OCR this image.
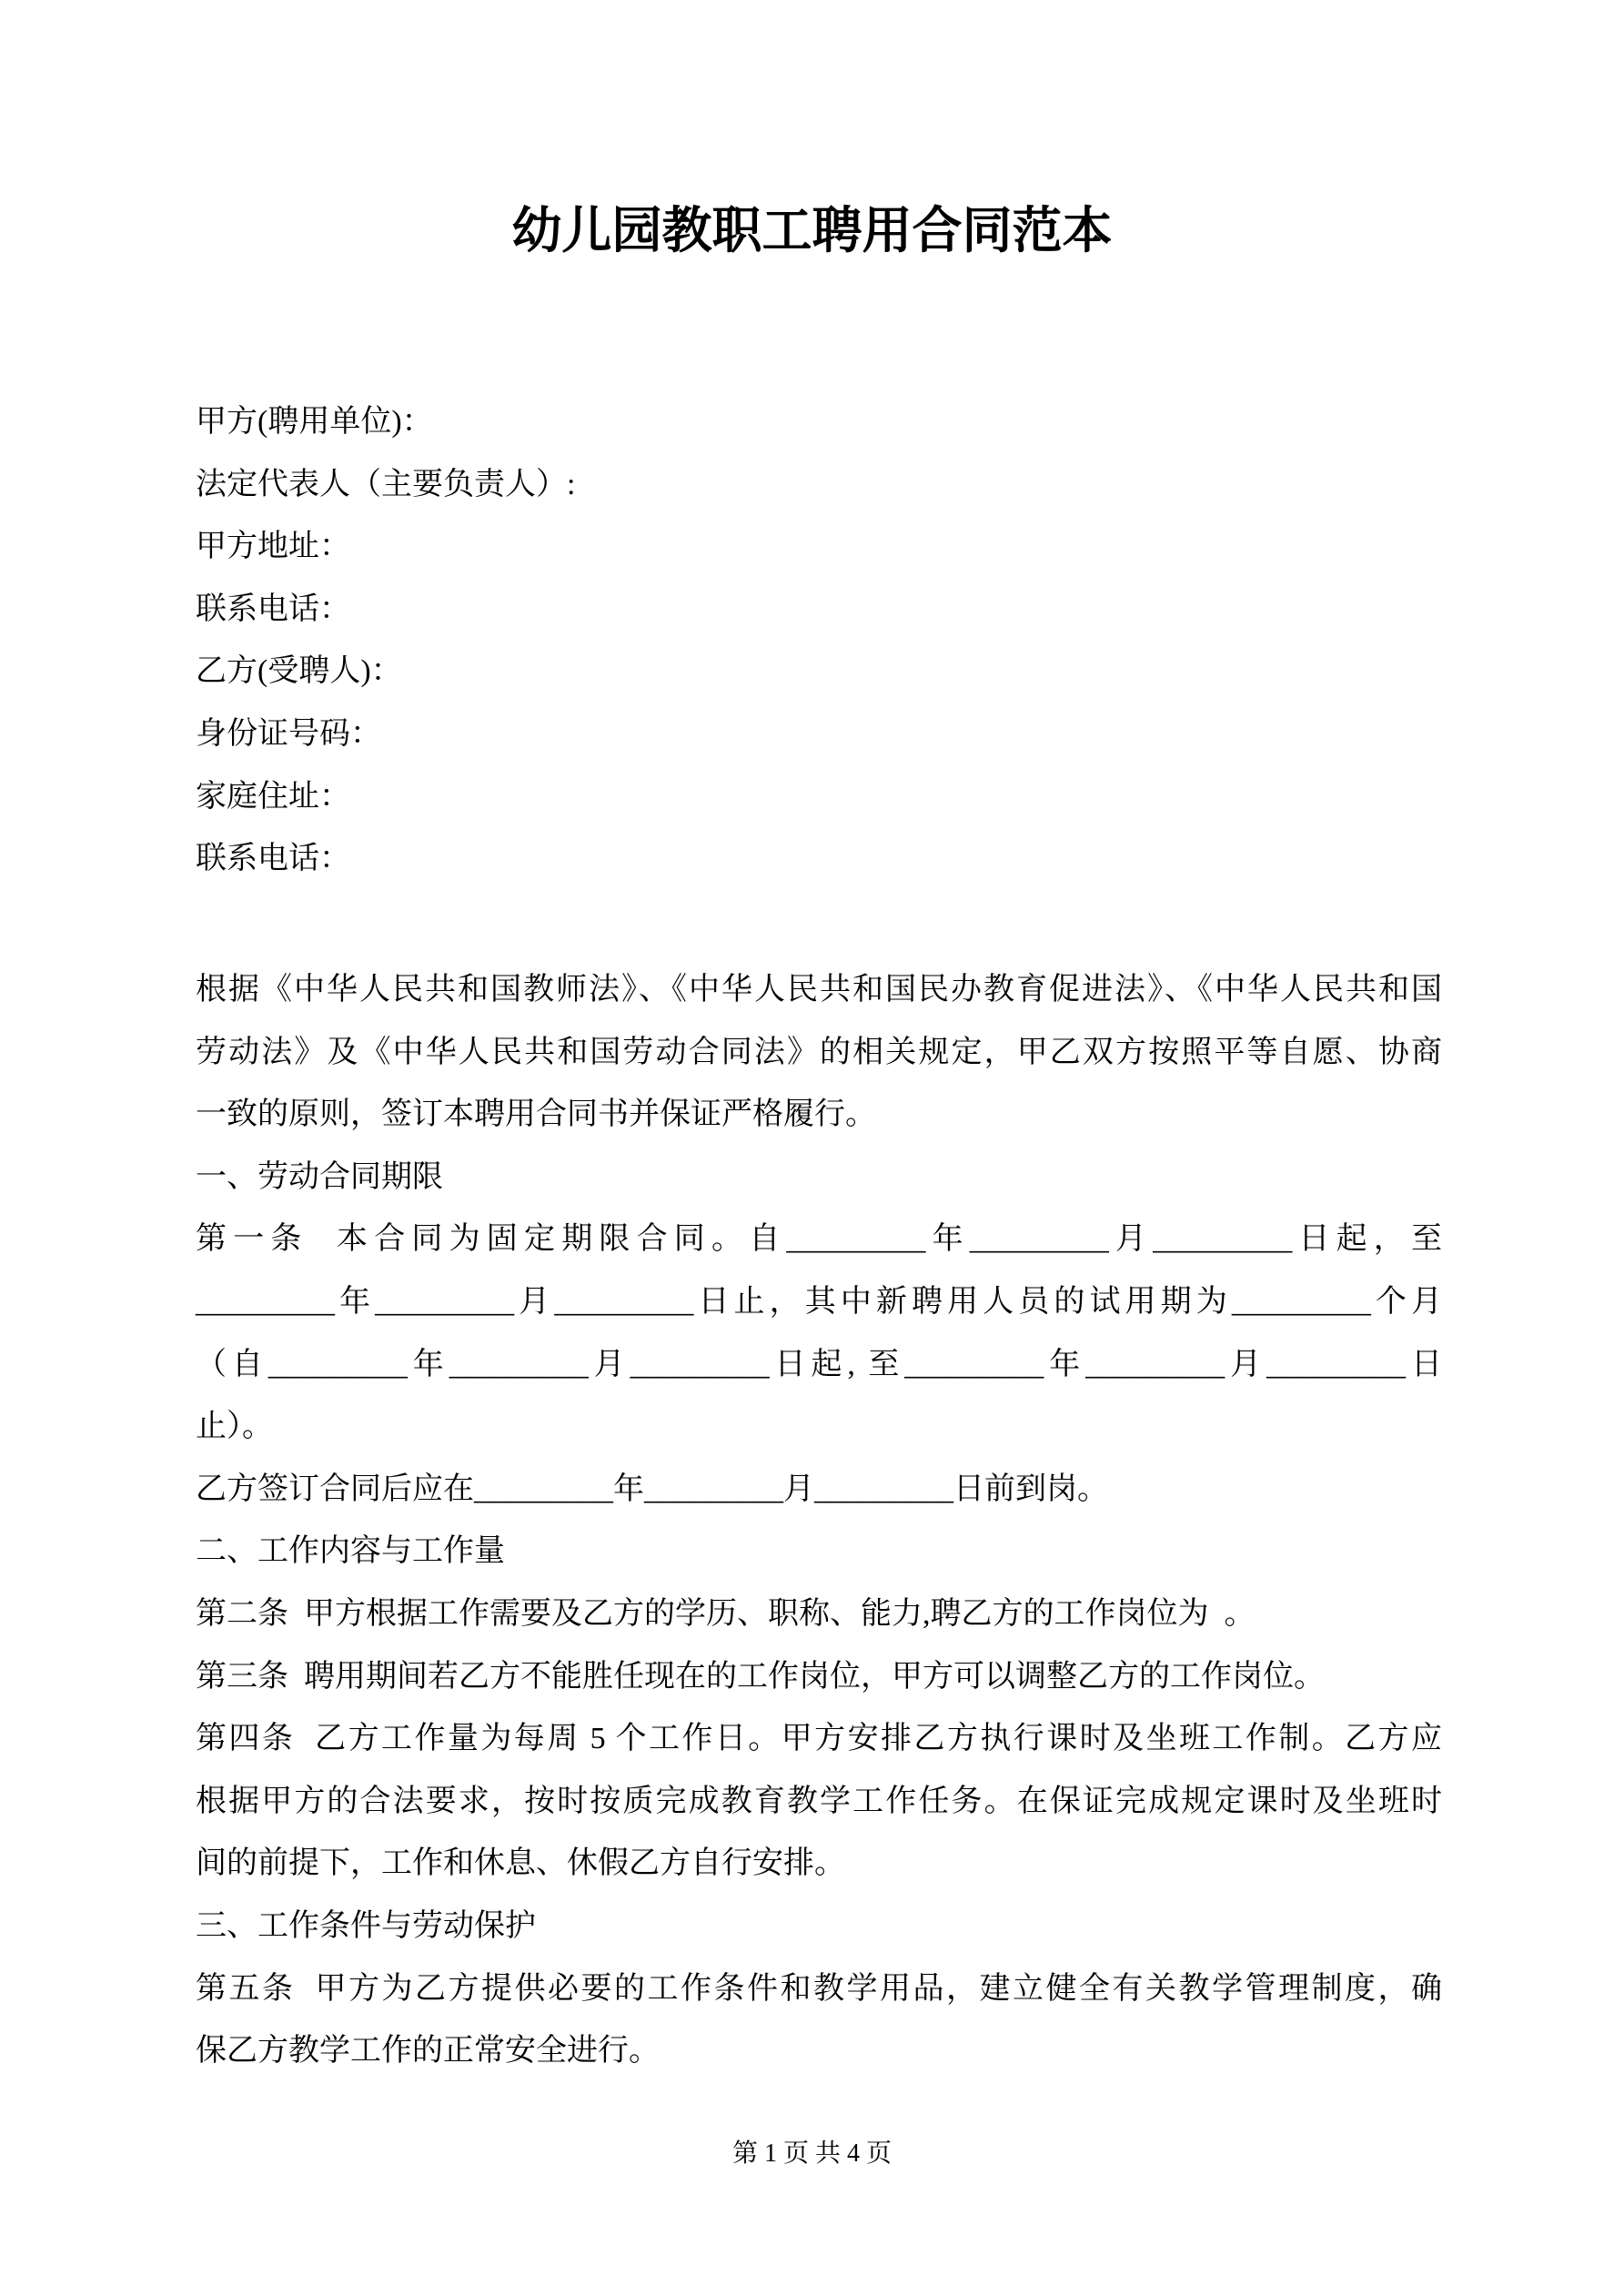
幼儿园教职工聘用合同范本
甲方(聘用单位)：
法定代表人（主要负责人）:
甲方地址：
联系电话：
乙方(受聘人)：
身份证号码：
家庭住址：
联系电话：
根据《中华人民共和国教师法》、《中华人民共和国民办教育促进法》、《中华人民共和国
劳动法》及《中华人民共和国劳动合同法》的相关规定，甲乙双方按照平等自愿、协商
一致的原则，签订本聘用合同书并保证严格履行。
一、劳动合同期限
第一条  本合同为固定期限合同。自_________年_________月_________日起，至
_________年_________月_________日止，其中新聘用人员的试用期为_________个月
（自_________年_________月_________日起, 至_________年_________月_________日
止）。
乙方签订合同后应在_________年_________月_________日前到岗。
二、工作内容与工作量
第二条  甲方根据工作需要及乙方的学历、职称、能力,聘乙方的工作岗位为  。
第三条  聘用期间若乙方不能胜任现在的工作岗位，甲方可以调整乙方的工作岗位。
第四条  乙方工作量为每周 5 个工作日。甲方安排乙方执行课时及坐班工作制。乙方应
根据甲方的合法要求，按时按质完成教育教学工作任务。在保证完成规定课时及坐班时
间的前提下，工作和休息、休假乙方自行安排。
三、工作条件与劳动保护
第五条  甲方为乙方提供必要的工作条件和教学用品，建立健全有关教学管理制度，确
保乙方教学工作的正常安全进行。
第 1 页 共 4 页
